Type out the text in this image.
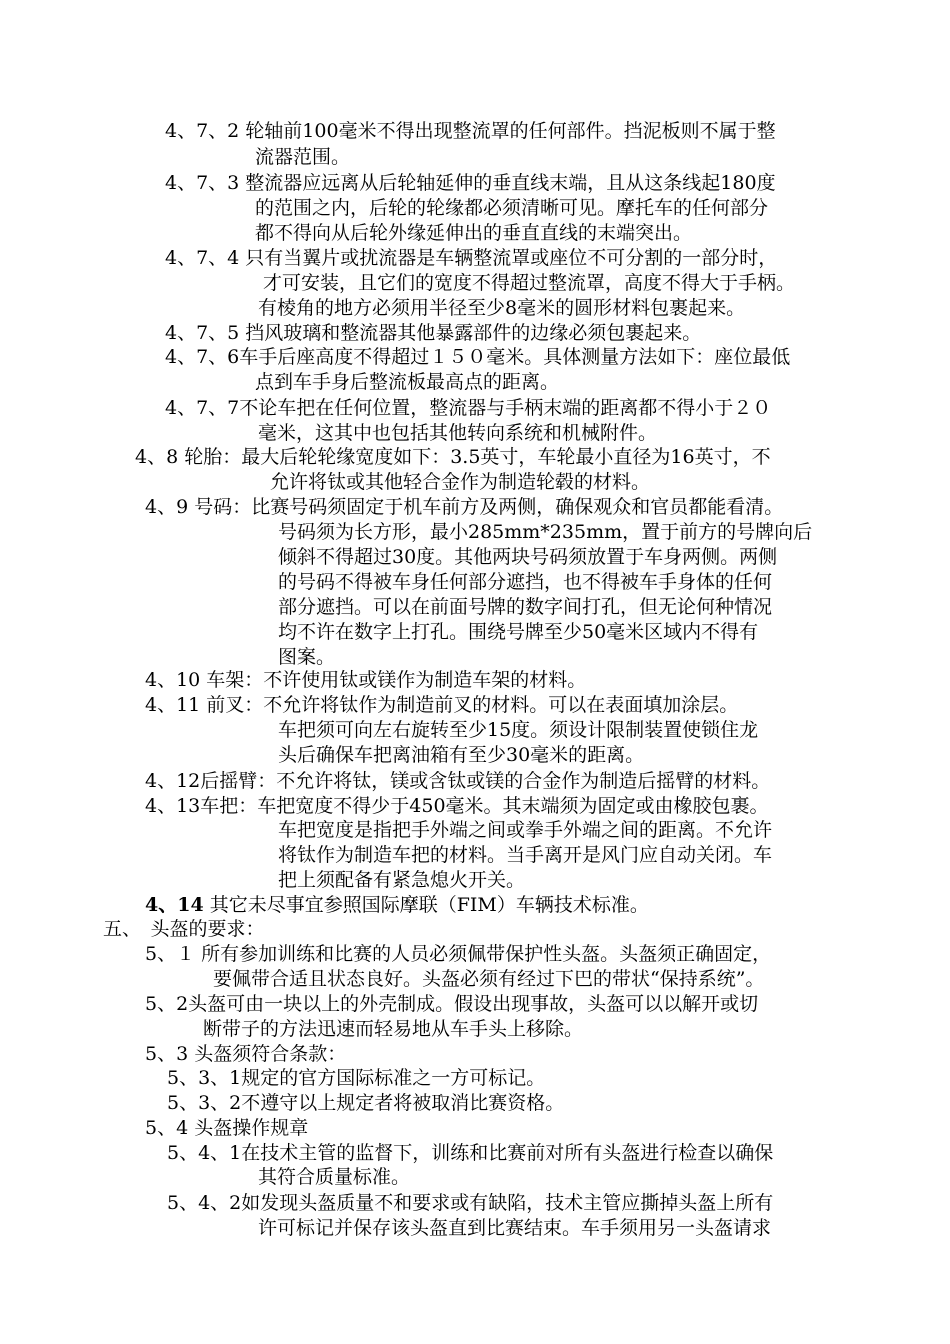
4、7、2 轮轴前100毫米不得出现整流罩的任何部件。挡泥板则不属于整

流器范围。

4、7、3 整流器应远离从后轮轴延伸的垂直线末端，且从这条线起180度

的范围之内，后轮的轮缘都必须清晰可见。摩托车的任何部分

都不得向从后轮外缘延伸出的垂直直线的末端突出。

4、7、4 只有当翼片或扰流器是车辆整流罩或座位不可分割的一部分时，

才可安装，且它们的宽度不得超过整流罩，高度不得大于手柄。

有棱角的地方必须用半径至少8毫米的圆形材料包裹起来。

4、7、5 挡风玻璃和整流器其他暴露部件的边缘必须包裹起来。

4、7、6车手后座高度不得超过１５０毫米。具体测量方法如下：座位最低

点到车手身后整流板最高点的距离。

4、7、7不论车把在任何位置，整流器与手柄末端的距离都不得小于２０

毫米，这其中也包括其他转向系统和机械附件。

4、8 轮胎：最大后轮轮缘宽度如下：3.5英寸，车轮最小直径为16英寸，不

允许将钛或其他轻合金作为制造轮毂的材料。

4、9 号码：比赛号码须固定于机车前方及两侧，确保观众和官员都能看清。

号码须为长方形，最小285mm*235mm，置于前方的号牌向后

倾斜不得超过30度。其他两块号码须放置于车身两侧。两侧

的号码不得被车身任何部分遮挡，也不得被车手身体的任何

部分遮挡。可以在前面号牌的数字间打孔，但无论何种情况

均不许在数字上打孔。围绕号牌至少50毫米区域内不得有

图案。

4、10 车架：不许使用钛或镁作为制造车架的材料。

4、11 前叉：不允许将钛作为制造前叉的材料。可以在表面填加涂层。

车把须可向左右旋转至少15度。须设计限制装置使锁住龙

头后确保车把离油箱有至少30毫米的距离。

4、12后摇臂：不允许将钛，镁或含钛或镁的合金作为制造后摇臂的材料。

4、13车把：车把宽度不得少于450毫米。其末端须为固定或由橡胶包裹。

车把宽度是指把手外端之间或拳手外端之间的距离。不允许

将钛作为制造车把的材料。当手离开是风门应自动关闭。车

把上须配备有紧急熄火开关。

4、14 其它未尽事宜参照国际摩联（FIM）车辆技术标准。

五、　头盔的要求：

5、１ 所有参加训练和比赛的人员必须佩带保护性头盔。头盔须正确固定，

要佩带合适且状态良好。头盔必须有经过下巴的带状“保持系统”。

5、2头盔可由一块以上的外壳制成。假设出现事故，头盔可以以解开或切

断带子的方法迅速而轻易地从车手头上移除。

5、3 头盔须符合条款：

5、3、1规定的官方国际标准之一方可标记。

5、3、2不遵守以上规定者将被取消比赛资格。

5、4 头盔操作规章

5、4、1在技术主管的监督下，训练和比赛前对所有头盔进行检查以确保

其符合质量标准。

5、4、2如发现头盔质量不和要求或有缺陷，技术主管应撕掉头盔上所有

许可标记并保存该头盔直到比赛结束。车手须用另一头盔请求
